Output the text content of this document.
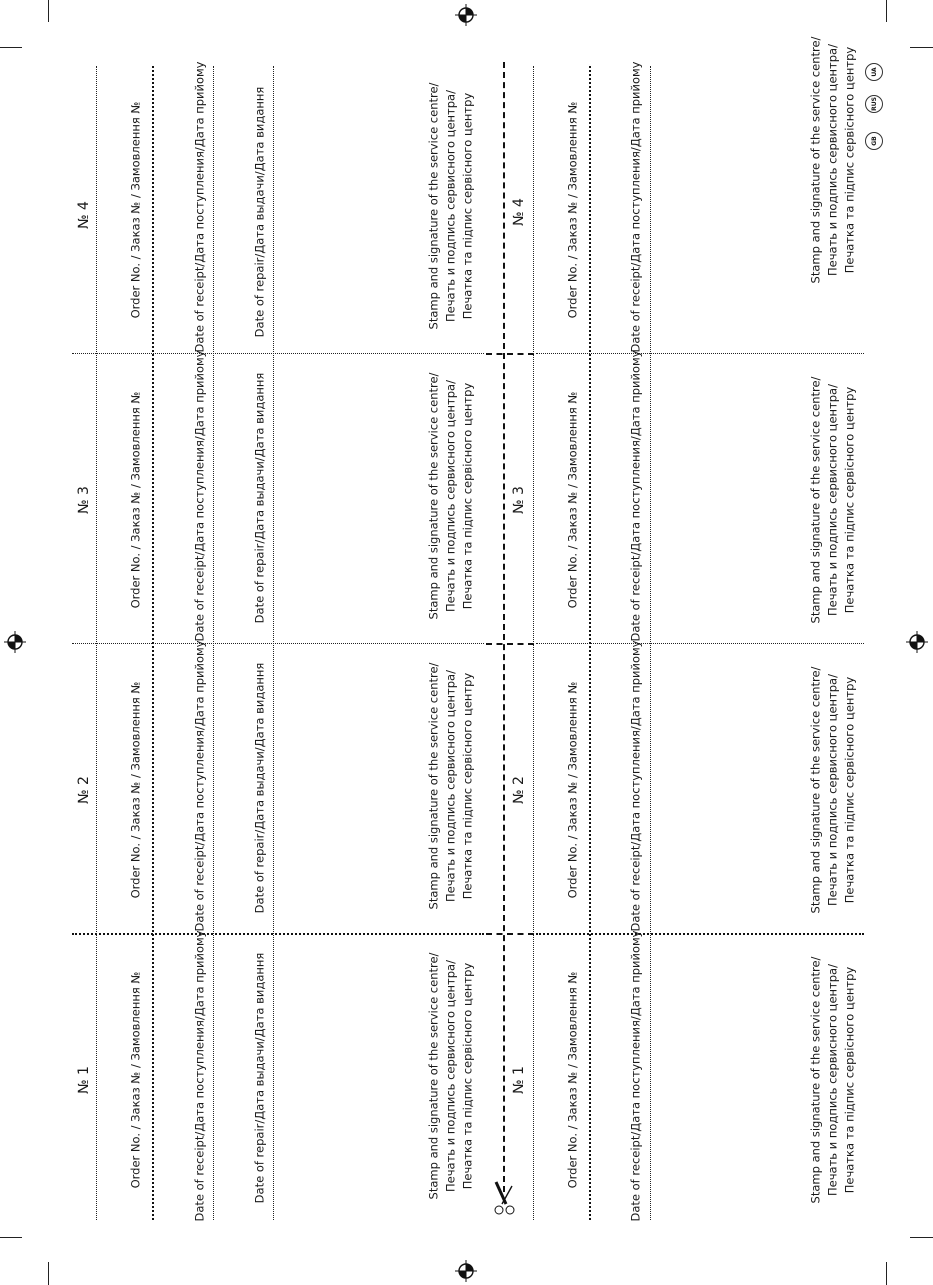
№ 4	Order No. / Заказ № / Замовлення №	Date of receipt/Дата поступления/Дата прийому	Date of repair/Дата выдачи/Дата видання	Stamp and signature of the service centre/ Печать и подпись сервисного центра/ Печатка та підпис сервісного центру	№ 4	Order No. / Заказ № / Замовлення №	Date of receipt/Дата поступления/Дата прийому	Stamp and signature of the service centre/ Печать и подпись сервисного центра/ Печатка та підпис сервісного центру
№ 3	Order No. / Заказ № / Замовлення №	Date of receipt/Дата поступления/Дата прийому	Date of repair/Дата выдачи/Дата видання	Stamp and signature of the service centre/ Печать и подпись сервисного центра/ Печатка та підпис сервісного центру	№ 3	Order No. / Заказ № / Замовлення №	Date of receipt/Дата поступления/Дата прийому	Stamp and signature of the service centre/ Печать и подпись сервисного центра/ Печатка та підпис сервісного центру
№ 2	Order No. / Заказ № / Замовлення №	Date of receipt/Дата поступления/Дата прийому	Date of repair/Дата выдачи/Дата видання	Stamp and signature of the service centre/ Печать и подпись сервисного центра/ Печатка та підпис сервісного центру	№ 2	Order No. / Заказ № / Замовлення №	Date of receipt/Дата поступления/Дата прийому	Stamp and signature of the service centre/ Печать и подпись сервисного центра/ Печатка та підпис сервісного центру
№ 1	Order No. / Заказ № / Замовлення №	Date of receipt/Дата поступления/Дата прийому	Date of repair/Дата выдачи/Дата видання	Stamp and signature of the service centre/ Печать и подпись сервисного центра/ Печатка та підпис сервісного центру	№ 1	Order No. / Заказ № / Замовлення №	Date of receipt/Дата поступления/Дата прийому	Stamp and signature of the service centre/ Печать и подпись сервисного центра/ Печатка та підпис сервісного центру
UA
RUS
GB
